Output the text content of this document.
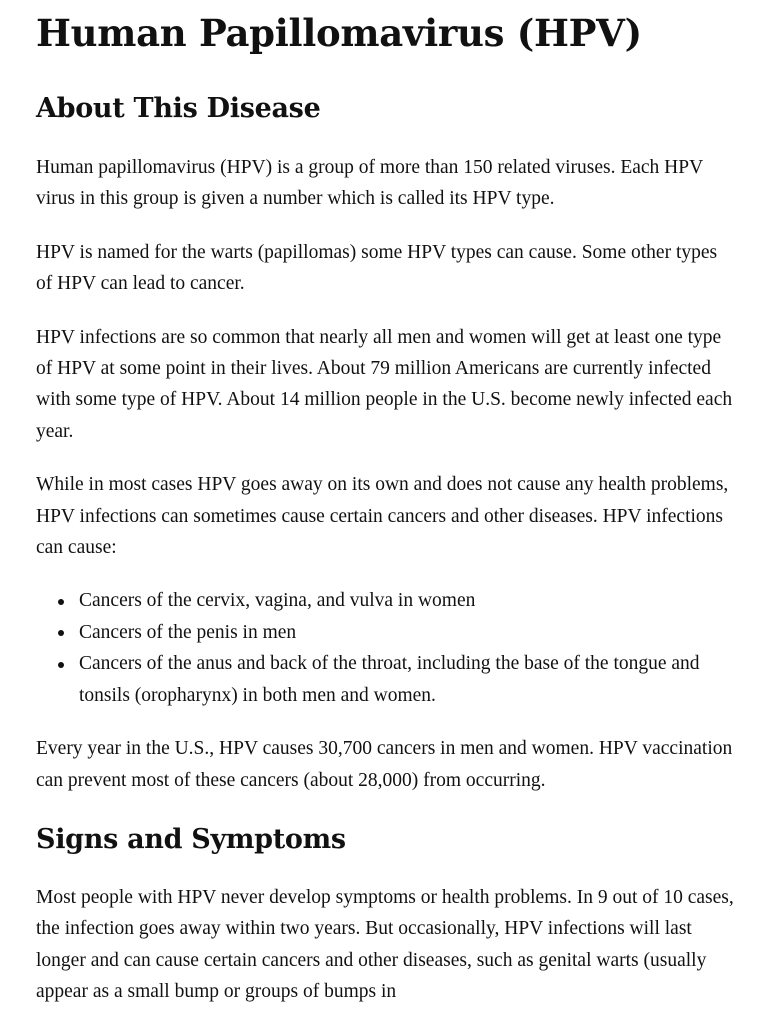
Human Papillomavirus (HPV)
About This Disease

Human papillomavirus (HPV) is a group of more than 150 related viruses. Each HPV virus in this group is given a number which is called its HPV type.

HPV is named for the warts (papillomas) some HPV types can cause. Some other types of HPV can lead to cancer.

HPV infections are so common that nearly all men and women will get at least one type of HPV at some point in their lives. About 79 million Americans are currently infected with some type of HPV. About 14 million people in the U.S. become newly infected each year.

While in most cases HPV goes away on its own and does not cause any health problems, HPV infections can sometimes cause certain cancers and other diseases. HPV infections can cause:

Cancers of the cervix, vagina, and vulva in women
Cancers of the penis in men
Cancers of the anus and back of the throat, including the base of the tongue and tonsils (oropharynx) in both men and women.

Every year in the U.S., HPV causes 30,700 cancers in men and women. HPV vaccination can prevent most of these cancers (about 28,000) from occurring.

Signs and Symptoms

Most people with HPV never develop symptoms or health problems. In 9 out of 10 cases, the infection goes away within two years. But occasionally, HPV infections will last longer and can cause certain cancers and other diseases, such as genital warts (usually appear as a small bump or groups of bumps in
